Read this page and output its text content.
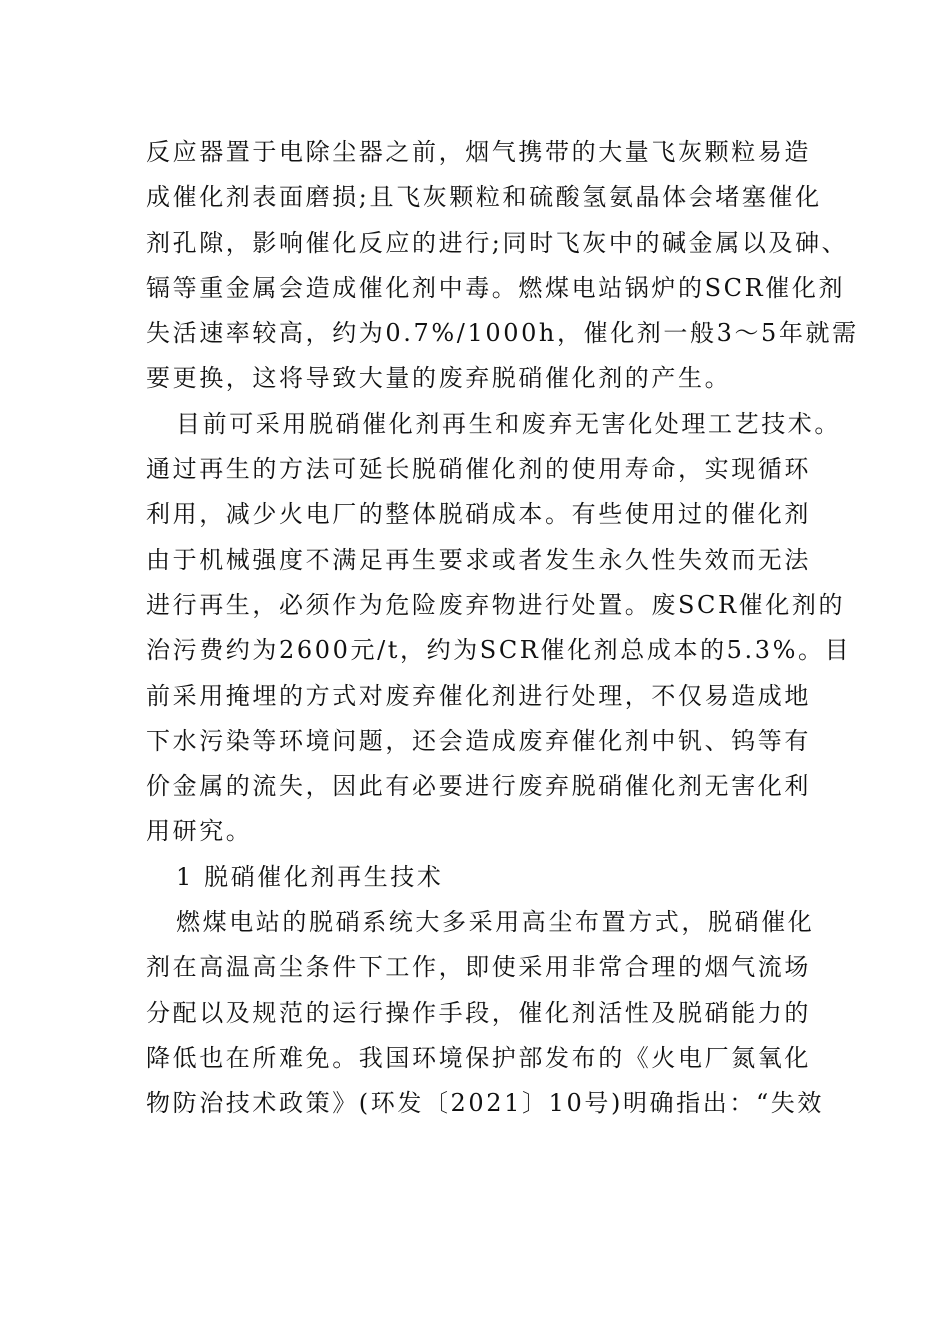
反应器置于电除尘器之前，烟气携带的大量飞灰颗粒易造
成催化剂表面磨损;且飞灰颗粒和硫酸氢氨晶体会堵塞催化
剂孔隙，影响催化反应的进行;同时飞灰中的碱金属以及砷、
镉等重金属会造成催化剂中毒。燃煤电站锅炉的SCR催化剂
失活速率较高，约为0.7%/1000h，催化剂一般3～5年就需
要更换，这将导致大量的废弃脱硝催化剂的产生。
目前可采用脱硝催化剂再生和废弃无害化处理工艺技术。
通过再生的方法可延长脱硝催化剂的使用寿命，实现循环
利用，减少火电厂的整体脱硝成本。有些使用过的催化剂
由于机械强度不满足再生要求或者发生永久性失效而无法
进行再生，必须作为危险废弃物进行处置。废SCR催化剂的
治污费约为2600元/t，约为SCR催化剂总成本的5.3%。目
前采用掩埋的方式对废弃催化剂进行处理，不仅易造成地
下水污染等环境问题，还会造成废弃催化剂中钒、钨等有
价金属的流失，因此有必要进行废弃脱硝催化剂无害化利
用研究。
1 脱硝催化剂再生技术
燃煤电站的脱硝系统大多采用高尘布置方式，脱硝催化
剂在高温高尘条件下工作，即使采用非常合理的烟气流场
分配以及规范的运行操作手段，催化剂活性及脱硝能力的
降低也在所难免。我国环境保护部发布的《火电厂氮氧化
物防治技术政策》(环发〔2021〕10号)明确指出：“失效
